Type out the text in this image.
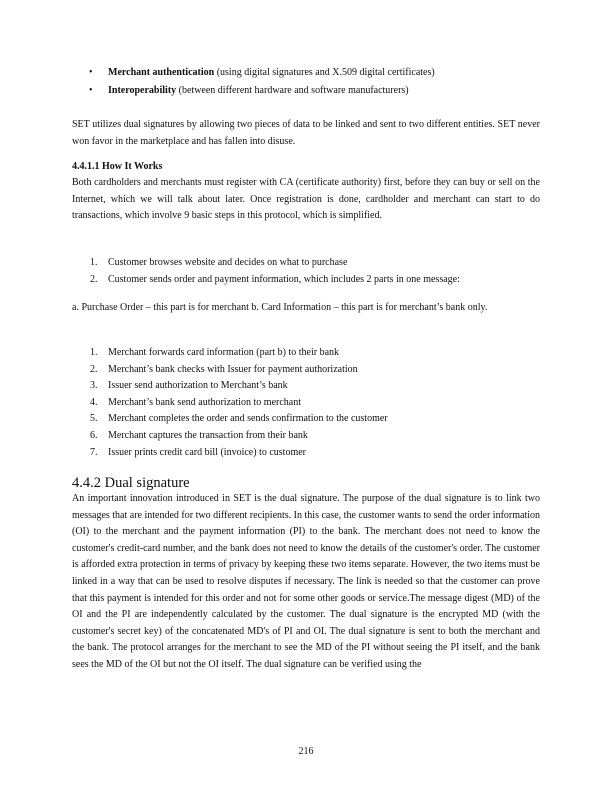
• Merchant authentication (using digital signatures and X.509 digital certificates)
• Interoperability (between different hardware and software manufacturers)

SET utilizes dual signatures by allowing two pieces of data to be linked and sent to two different entities. SET never won favor in the marketplace and has fallen into disuse.

4.4.1.1 How It Works

Both cardholders and merchants must register with CA (certificate authority) first, before they can buy or sell on the Internet, which we will talk about later. Once registration is done, cardholder and merchant can start to do transactions, which involve 9 basic steps in this protocol, which is simplified.

1. Customer browses website and decides on what to purchase
2. Customer sends order and payment information, which includes 2 parts in one message:

a. Purchase Order – this part is for merchant b. Card Information – this part is for merchant’s bank only.

1. Merchant forwards card information (part b) to their bank
2. Merchant’s bank checks with Issuer for payment authorization
3. Issuer send authorization to Merchant’s bank
4. Merchant’s bank send authorization to merchant
5. Merchant completes the order and sends confirmation to the customer
6. Merchant captures the transaction from their bank
7. Issuer prints credit card bill (invoice) to customer
4.4.2 Dual signature

An important innovation introduced in SET is the dual signature. The purpose of the dual signature is to link two messages that are intended for two different recipients. In this case, the customer wants to send the order information (OI) to the merchant and the payment information (PI) to the bank. The merchant does not need to know the customer's credit-card number, and the bank does not need to know the details of the customer's order. The customer is afforded extra protection in terms of privacy by keeping these two items separate. However, the two items must be linked in a way that can be used to resolve disputes if necessary. The link is needed so that the customer can prove that this payment is intended for this order and not for some other goods or service.The message digest (MD) of the OI and the PI are independently calculated by the customer. The dual signature is the encrypted MD (with the customer's secret key) of the concatenated MD's of PI and OI. The dual signature is sent to both the merchant and the bank. The protocol arranges for the merchant to see the MD of the PI without seeing the PI itself, and the bank sees the MD of the OI but not the OI itself. The dual signature can be verified using the

216
